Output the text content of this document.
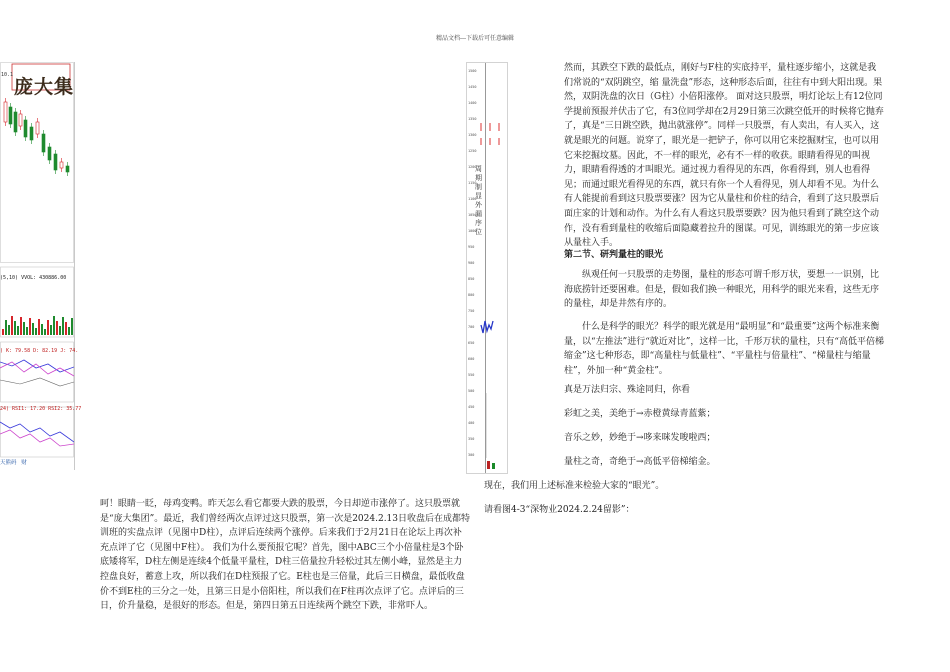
精品文档---下载后可任意编辑
庞大集
10.1
(5,10) VVOL: 430886.00
) K: 79.58 D: 82.19 J: 74.
24) RSI1: 17.20 RSI2: 35.77
天熊码 财
呵！眼睛一眨，母鸡变鸭。昨天怎么看它都要大跌的股票，今日却逆市涨停了。这只股票就是“庞大集团”。最近，我们曾经两次点评过这只股票，第一次是2024.2.13日收盘后在成都特训班的实盘点评（见图中D柱），点评后连续两个涨停。后来我们于2月21日在论坛上再次补充点评了它（见图中F柱）。 我们为什么要预报它呢？首先，图中ABC三个小倍量柱是3个卧底矮将军，D柱左侧是连续4个低量平量柱，D柱三倍量拉升轻松过其左侧小峰，显然是主力控盘良好，蓄意上攻，所以我们在D柱预报了它。E柱也是三倍量，此后三日横盘，最低收盘价不到E柱的三分之一处，且第三日是小倍阳柱，所以我们在F柱再次点评了它。点评后的三日，价升量稳，是很好的形态。但是，第四日第五日连续两个跳空下跌，非常吓人。
1500
1450
1400
1350
1300
1250
1200
1150
1100
1050
1000
950
900
850
800
750
700
650
600
550
500
450
400
350
300
周期制显外漏序位
然而，其跌空下跌的最低点，刚好与F柱的实底持平，量柱逐步缩小，这就是我们常说的“双阴跳空，缩 量洗盘”形态，这种形态后面，往往有中到大阳出现。果然，双阴洗盘的次日（G柱）小倍阳涨停。 面对这只股票，明灯论坛上有12位同学提前预报并伏击了它，有3位同学却在2月29日第三次跳空低开的时候将它抛弃了，真是“三日跳空跌，抛出就涨停”。同样一只股票，有人卖出，有人买入，这就是眼光的问题。说穿了，眼光是一把铲子，你可以用它来挖掘财宝，也可以用它来挖掘坟墓。因此，不一样的眼光，必有不一样的收获。眼睛看得见的叫视力，眼睛看得透的才叫眼光。通过视力看得见的东西，你看得到，别人也看得见；而通过眼光看得见的东西，就只有你一个人看得见，别人却看不见。为什么有人能提前看到这只股票要涨？因为它从量柱和价柱的结合，看到了这只股票后面庄家的计划和动作。为什么有人看这只股票要跌？因为他只看到了跳空这个动作，没有看到量柱的收缩后面隐藏着拉升的图谋。可见，训练眼光的第一步应该从量柱入手。
第二节、研判量柱的眼光
纵观任何一只股票的走势图，量柱的形态可谓千形万状，要想一一识别，比海底捞针还要困难。但是，假如我们换一种眼光，用科学的眼光来看，这些无序的量柱，却是井然有序的。
什么是科学的眼光？科学的眼光就是用“最明显”和“最重要”这两个标准来衡量，以“左推法”进行“就近对比”，这样一比，千形万状的量柱，只有“高低平倍梯缩金”这七种形态，即“高量柱与低量柱”、“平量柱与倍量柱”、“梯量柱与缩量柱”，外加一种“黄金柱”。
真是万法归宗、殊途同归，你看
彩虹之美，美绝于→赤橙黄绿青蓝紫；
音乐之妙，妙绝于→哆来咪发唆啦西；
量柱之奇，奇绝于→高低平倍梯缩金。
现在，我们用上述标准来检验大家的“眼光”。
请看图4-3“深物业2024.2.24留影”：
